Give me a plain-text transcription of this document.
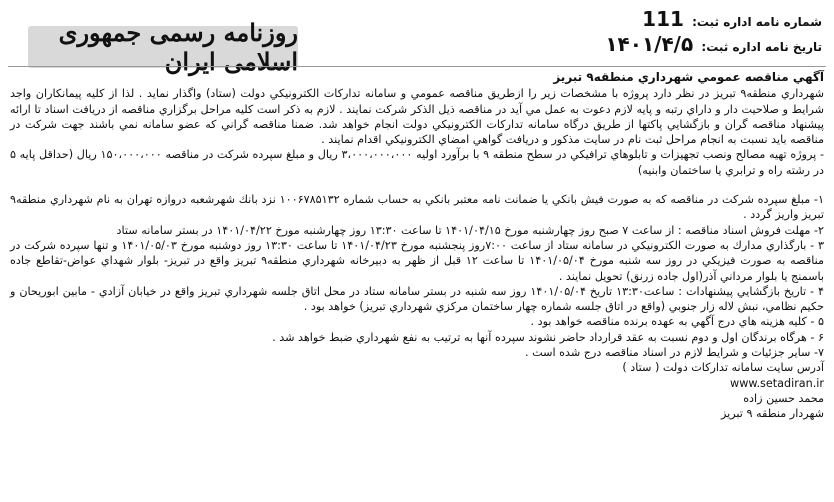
شماره نامه اداره ثبت: 111
تاریخ نامه اداره ثبت: ۱۴۰۱/۴/۵
روزنامه رسمی جمهوری اسلامی ایران

آگهي مناقصه عمومي شهرداري منطقه۹ تبريز

شهرداري منطقه۹ تبريز در نظر دارد پروژه با مشخصات زير را ازطريق مناقصه عمومي و سامانه تداركات الكترونيكي دولت (ستاد) واگذار نمايد . لذا از كليه پيمانكاران واجد شرايط و صلاحيت دار و داراي رتبه و پايه لازم دعوت به عمل مي آيد در مناقصه ذيل الذكر شركت نمايند . لازم به ذكر است كليه مراحل برگزاري مناقصه از دريافت اسناد تا ارائه پيشنهاد مناقصه گران و بازگشايي پاكتها از طريق درگاه سامانه تداركات الكترونيكي دولت انجام خواهد شد. ضمنا مناقصه گراني كه عضو سامانه نمي باشند جهت شركت در مناقصه بايد نسبت به انجام مراحل ثبت نام در سايت مذكور و دريافت گواهي امضاي الكترونيكي اقدام نمايند .

- پروژه تهيه مصالح ونصب تجهيزات و تابلوهاي ترافيكي در سطح منطقه ۹ با برآورد اوليه ۳،۰۰۰،۰۰۰،۰۰۰ ريال و مبلغ سپرده شركت در مناقصه ۱۵۰،۰۰۰،۰۰۰ ريال (حداقل پايه ۵ در رشته راه و ترابري يا ساختمان وابنيه)

۱- مبلغ سپرده شركت در مناقصه كه به صورت فيش بانكي يا ضمانت نامه معتبر بانكي به حساب شماره ۱۰۰۶۷۸۵۱۳۲ نزد بانك شهرشعبه دروازه تهران به نام شهرداري منطقه۹ تبريز واريز گردد .

۲- مهلت فروش اسناد مناقصه : از ساعت ۷ صبح روز چهارشنبه مورخ ۱۴۰۱/۰۴/۱۵ تا ساعت ۱۳:۳۰ روز چهارشنبه مورخ ۱۴۰۱/۰۴/۲۲ در بستر سامانه ستاد

۳ - بارگذاري مدارك به صورت الكترونيكي در سامانه ستاد از ساعت ۷:۰۰روز پنجشنبه مورخ ۱۴۰۱/۰۴/۲۳ تا ساعت ۱۳:۳۰ روز دوشنبه مورخ ۱۴۰۱/۰۵/۰۳ و تنها سپرده شركت در مناقصه به صورت فيزيكي در روز سه شنبه مورخ ۱۴۰۱/۰۵/۰۴ تا ساعت ۱۲ قبل از ظهر به دبيرخانه شهرداري منطقه۹ تبريز واقع در تبريز- بلوار شهداي عواض-تقاطع جاده باسمنج يا بلوار مرداني آذر(اول جاده زرنق) تحويل نمايند .

۴ - تاريخ بازگشايي پيشنهادات : ساعت۱۳:۳۰ تاريخ ۱۴۰۱/۰۵/۰۴ روز سه شنبه در بستر سامانه ستاد در محل اتاق جلسه شهرداري تبريز واقع در خيابان آزادي - مابين ابوريحان و حكيم نظامي، نبش لاله زار جنوبي (واقع در اتاق جلسه شماره چهار ساختمان مركزي شهرداري تبريز) خواهد بود .

۵ - كليه هزينه هاي درج آگهي به عهده برنده مناقصه خواهد بود .

۶ - هرگاه برندگان اول و دوم نسبت به عقد قرارداد حاضر نشوند سپرده آنها به ترتيب به نفع شهرداري ضبط خواهد شد .

۷- ساير جزئيات و شرايط لازم در اسناد مناقصه درج شده است .

آدرس سايت سامانه تداركات دولت ( ستاد )

www.setadiran.ir

محمد حسين زاده

شهردار منطقه ۹ تبريز
